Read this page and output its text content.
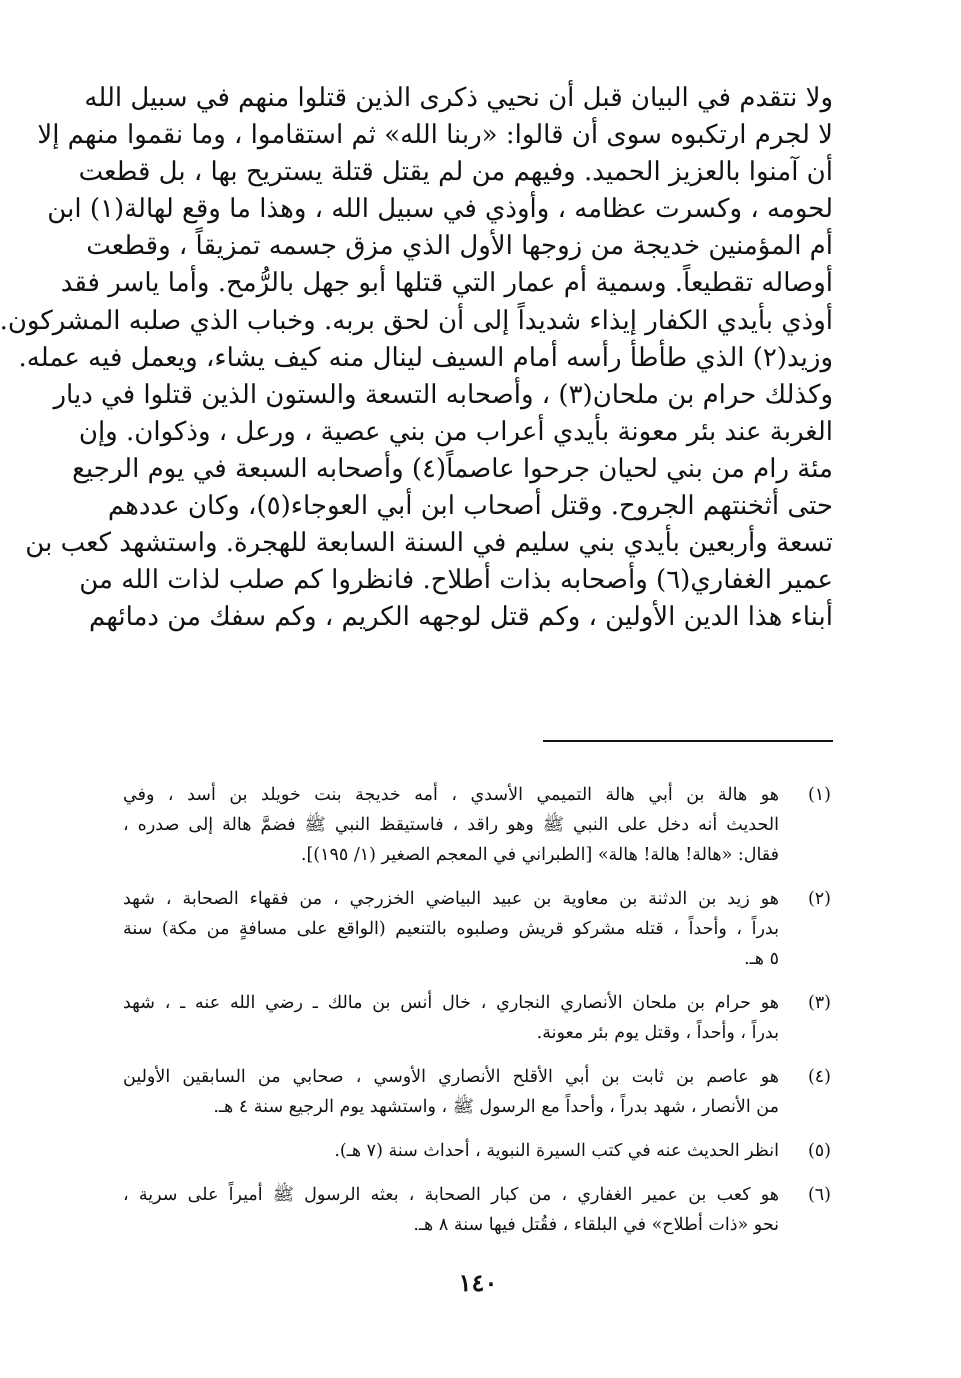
ولا نتقدم في البيان قبل أن نحيي ذكرى الذين قتلوا منهم في سبيل الله
لا لجرم ارتكبوه سوى أن قالوا: «ربنا الله» ثم استقاموا ، وما نقموا منهم إلا
أن آمنوا بالعزيز الحميد. وفيهم من لم يقتل قتلة يستريح بها ، بل قطعت
لحومه ، وكسرت عظامه ، وأوذي في سبيل الله ، وهذا ما وقع لهالة(١) ابن
أم المؤمنين خديجة من زوجها الأول الذي مزق جسمه تمزيقاً ، وقطعت
أوصاله تقطيعاً. وسمية أم عمار التي قتلها أبو جهل بالرُّمح. وأما ياسر فقد
أوذي بأيدي الكفار إيذاء شديداً إلى أن لحق بربه. وخباب الذي صلبه المشركون.
وزيد(٢) الذي طأطأ رأسه أمام السيف لينال منه كيف يشاء، ويعمل فيه عمله.
وكذلك حرام بن ملحان(٣) ، وأصحابه التسعة والستون الذين قتلوا في ديار
الغربة عند بئر معونة بأيدي أعراب من بني عصية ، ورعل ، وذكوان. وإن
مئة رام من بني لحيان جرحوا عاصماً(٤) وأصحابه السبعة في يوم الرجيع
حتى أثخنتهم الجروح. وقتل أصحاب ابن أبي العوجاء(٥)، وكان عددهم
تسعة وأربعين بأيدي بني سليم في السنة السابعة للهجرة. واستشهد كعب بن
عمير الغفاري(٦) وأصحابه بذات أطلاح. فانظروا كم صلب لذات الله من
أبناء هذا الدين الأولين ، وكم قتل لوجهه الكريم ، وكم سفك من دمائهم
(١)
هو هالة بن أبي هالة التميمي الأسدي ، أمه خديجة بنت خويلد بن أسد ، وفي
الحديث أنه دخل على النبي ﷺ وهو راقد ، فاستيقظ النبي ﷺ فضمَّ هالة إلى صدره ،
فقال: «هالة! هالة! هالة» [الطبراني في المعجم الصغير (١/ ١٩٥)].
(٢)
هو زيد بن الدثنة بن معاوية بن عبيد البياضي الخزرجي ، من فقهاء الصحابة ، شهد
بدراً ، وأحداً ، قتله مشركو قريش وصلبوه بالتنعيم (الواقع على مسافةٍ من مكة) سنة
٥ هـ.
(٣)
هو حرام بن ملحان الأنصاري النجاري ، خال أنس بن مالك ـ رضي الله عنه ـ ، شهد
بدراً ، وأحداً ، وقتل يوم بئر معونة.
(٤)
هو عاصم بن ثابت بن أبي الأقلح الأنصاري الأوسي ، صحابي من السابقين الأولين
من الأنصار ، شهد بدراً ، وأحداً مع الرسول ﷺ ، واستشهد يوم الرجيع سنة ٤ هـ.
(٥)
انظر الحديث عنه في كتب السيرة النبوية ، أحداث سنة (٧ هـ).
(٦)
هو كعب بن عمير الغفاري ، من كبار الصحابة ، بعثه الرسول ﷺ أميراً على سرية ،
نحو «ذات أطلاح» في البلقاء ، فقُتل فيها سنة ٨ هـ.
١٤٠
